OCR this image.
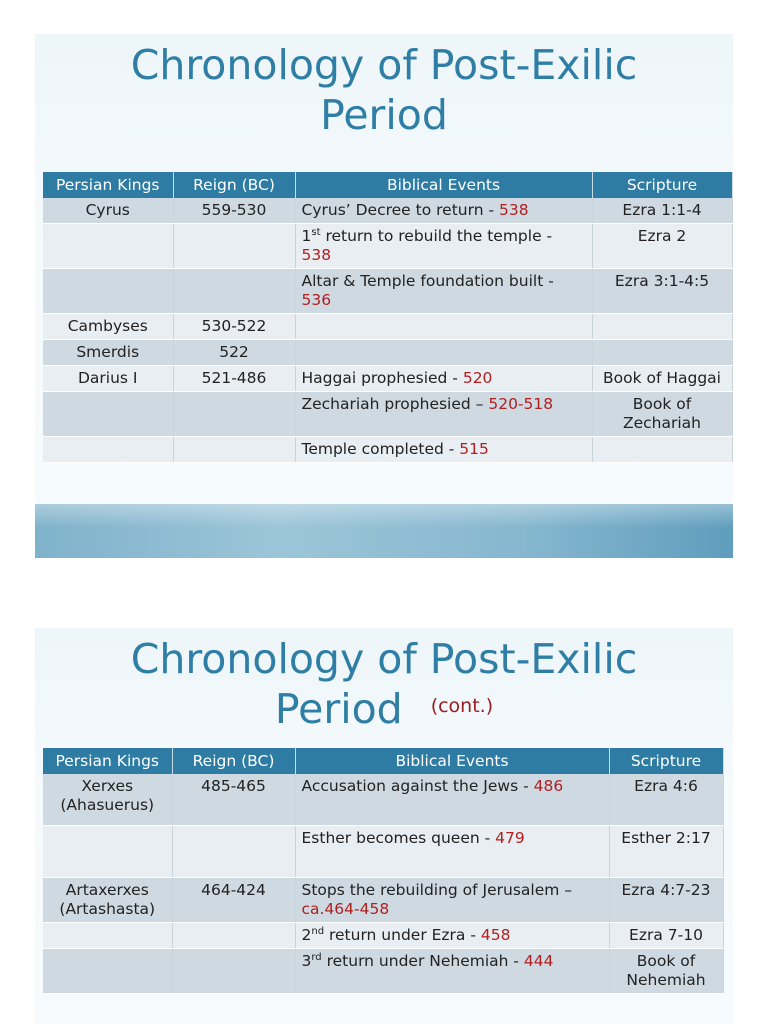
Chronology of Post-Exilic
Period
Persian Kings	Reign (BC)	Biblical Events	Scripture
Cyrus	559-530	Cyrus’ Decree to return - 538	Ezra 1:1-4
		1st return to rebuild the temple - 538	Ezra 2
		Altar & Temple foundation built - 536	Ezra 3:1-4:5
Cambyses	530-522		
Smerdis	522		
Darius I	521-486	Haggai prophesied - 520	Book of Haggai
		Zechariah prophesied – 520-518	Book of Zechariah
		Temple completed - 515	
Chronology of Post-Exilic
Period (cont.)
Persian Kings	Reign (BC)	Biblical Events	Scripture
Xerxes (Ahasuerus)	485-465	Accusation against the Jews - 486	Ezra 4:6
		Esther becomes queen - 479	Esther 2:17
Artaxerxes (Artashasta)	464-424	Stops the rebuilding of Jerusalem – ca.464-458	Ezra 4:7-23
		2nd return under Ezra - 458	Ezra 7-10
		3rd return under Nehemiah - 444	Book of Nehemiah
